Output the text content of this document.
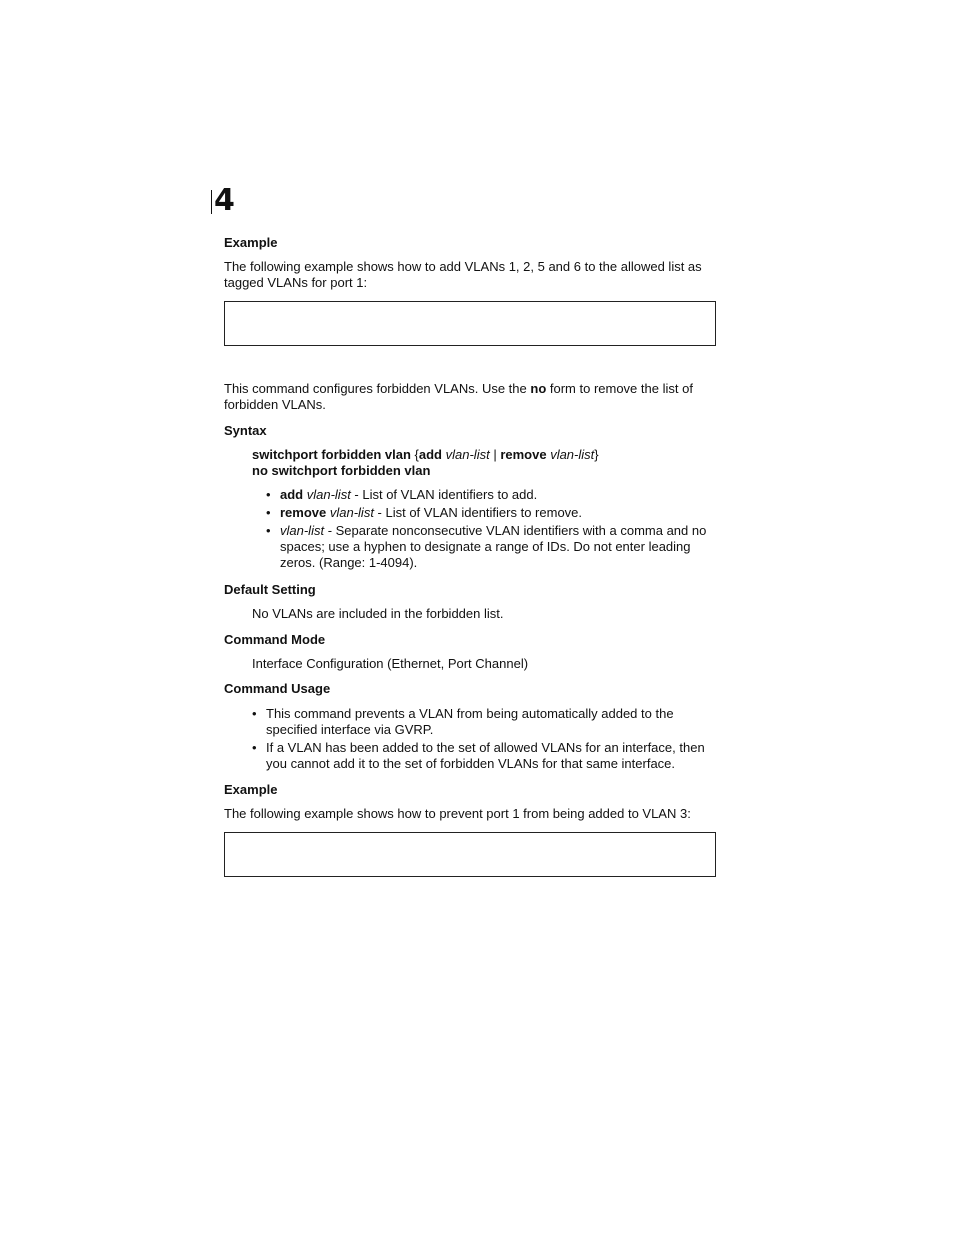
4
Example
The following example shows how to add VLANs 1, 2, 5 and 6 to the allowed list as
tagged VLANs for port 1:
This command configures forbidden VLANs. Use the no form to remove the list of
forbidden VLANs.
Syntax
switchport forbidden vlan {add vlan-list | remove vlan-list}
no switchport forbidden vlan
• add vlan-list - List of VLAN identifiers to add.
• remove vlan-list - List of VLAN identifiers to remove.
• vlan-list - Separate nonconsecutive VLAN identifiers with a comma and no spaces; use a hyphen to designate a range of IDs. Do not enter leading zeros. (Range: 1-4094).
Default Setting
No VLANs are included in the forbidden list.
Command Mode
Interface Configuration (Ethernet, Port Channel)
Command Usage
• This command prevents a VLAN from being automatically added to the specified interface via GVRP.
• If a VLAN has been added to the set of allowed VLANs for an interface, then you cannot add it to the set of forbidden VLANs for that same interface.
Example
The following example shows how to prevent port 1 from being added to VLAN 3:
